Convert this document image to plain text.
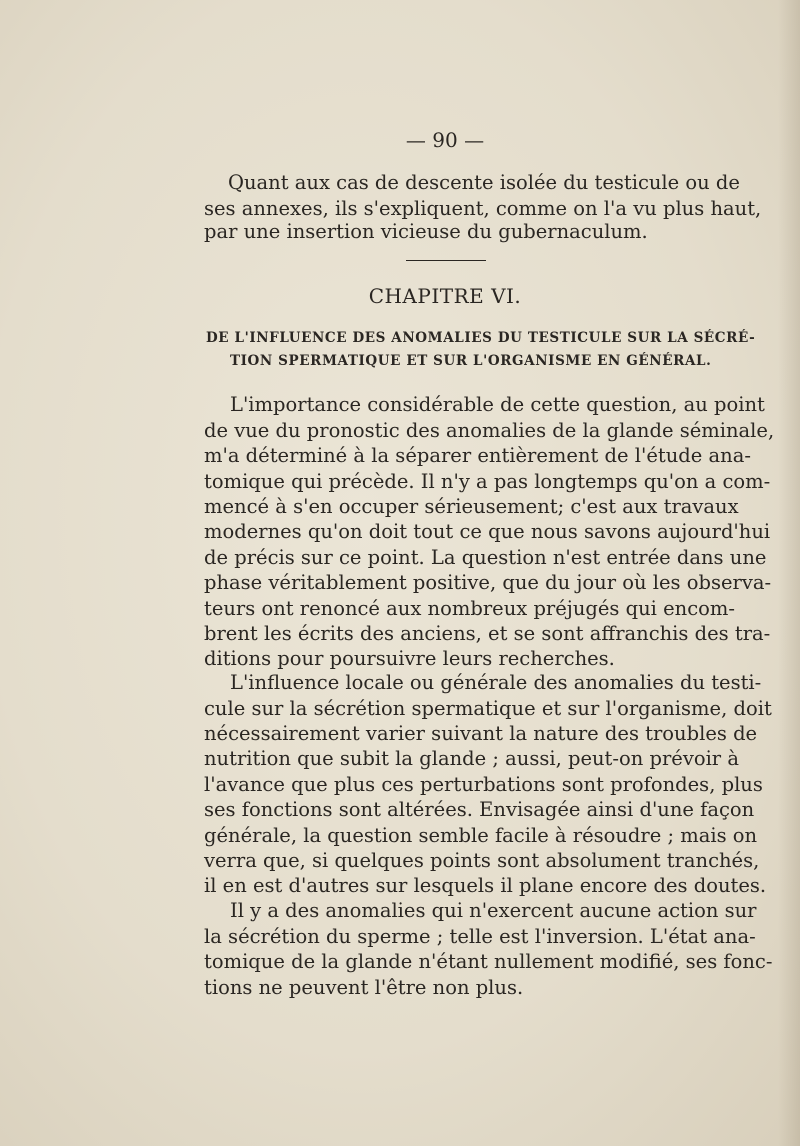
— 90 —
Quant aux cas de descente isolée du testicule ou de
ses annexes, ils s'expliquent, comme on l'a vu plus haut,
par une insertion vicieuse du gubernaculum.
CHAPITRE VI.
DE L'INFLUENCE DES ANOMALIES DU TESTICULE SUR LA SÉCRÉ-
TION SPERMATIQUE ET SUR L'ORGANISME EN GÉNÉRAL.
L'importance considérable de cette question, au point
de vue du pronostic des anomalies de la glande séminale,
m'a déterminé à la séparer entièrement de l'étude ana-
tomique qui précède. Il n'y a pas longtemps qu'on a com-
mencé à s'en occuper sérieusement; c'est aux travaux
modernes qu'on doit tout ce que nous savons aujourd'hui
de précis sur ce point. La question n'est entrée dans une
phase véritablement positive, que du jour où les observa-
teurs ont renoncé aux nombreux préjugés qui encom-
brent les écrits des anciens, et se sont affranchis des tra-
ditions pour poursuivre leurs recherches.
L'influence locale ou générale des anomalies du testi-
cule sur la sécrétion spermatique et sur l'organisme, doit
nécessairement varier suivant la nature des troubles de
nutrition que subit la glande ; aussi, peut-on prévoir à
l'avance que plus ces perturbations sont profondes, plus
ses fonctions sont altérées. Envisagée ainsi d'une façon
générale, la question semble facile à résoudre ; mais on
verra que, si quelques points sont absolument tranchés,
il en est d'autres sur lesquels il plane encore des doutes.
Il y a des anomalies qui n'exercent aucune action sur
la sécrétion du sperme ; telle est l'inversion. L'état ana-
tomique de la glande n'étant nullement modifié, ses fonc-
tions ne peuvent l'être non plus.
